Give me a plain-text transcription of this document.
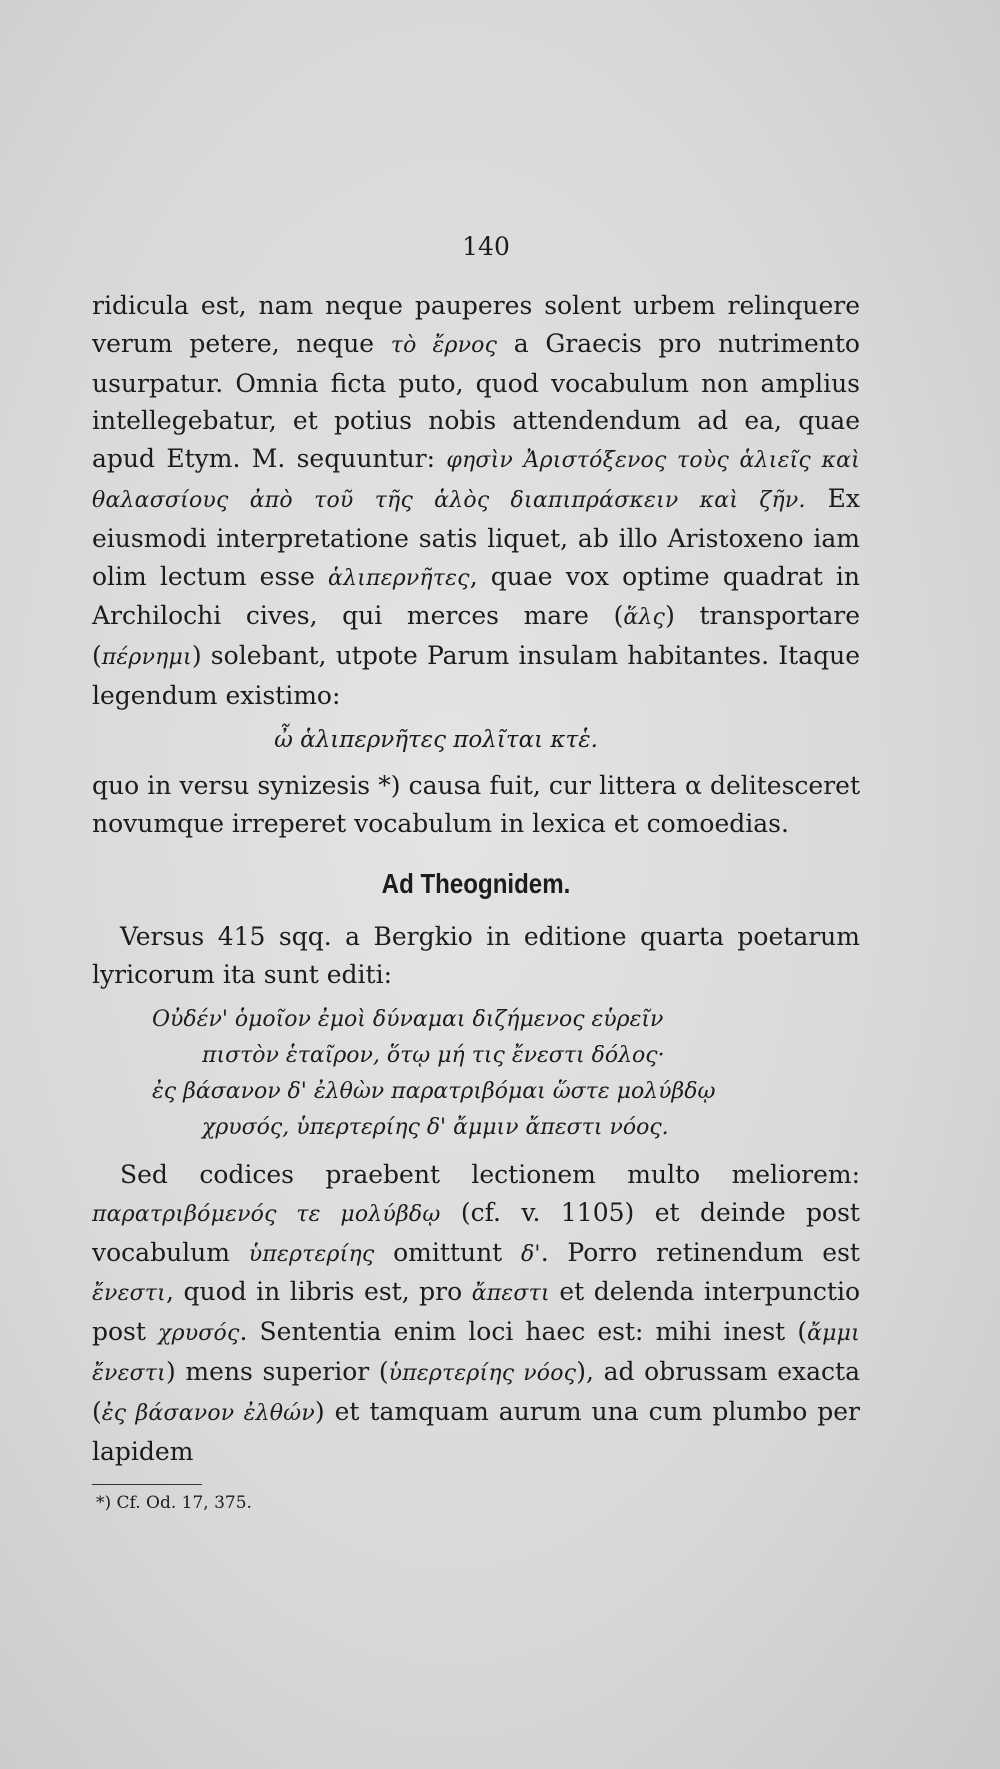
140

ridicula est, nam neque pauperes solent urbem relinquere verum petere, neque τὸ ἔρνος a Graecis pro nutrimento usurpatur. Omnia ficta puto, quod vocabulum non amplius intellegebatur, et potius nobis attendendum ad ea, quae apud Etym. M. sequuntur: φησὶν Ἀριστόξενος τοὺς ἁλιεῖς καὶ θαλασσίους ἀπὸ τοῦ τῆς ἁλὸς διαπιπράσκειν καὶ ζῆν. Ex eiusmodi interpretatione satis liquet, ab illo Aristoxeno iam olim lectum esse ἁλιπερνῆτες, quae vox optime quadrat in Archilochi cives, qui merces mare (ἅλς) transportare (πέρνημι) solebant, utpote Parum insulam habitantes. Itaque legendum existimo:

ὦ ἁλιπερνῆτες πολῖται κτἑ.

quo in versu synizesis *) causa fuit, cur littera α delitesceret novumque irreperet vocabulum in lexica et comoedias.

Ad Theognidem.

Versus 415 sqq. a Bergkio in editione quarta poetarum lyricorum ita sunt editi:

Οὐδέν' ὁμοῖον ἐμοὶ δύναμαι διζήμενος εὑρεῖν
πιστὸν ἑταῖρον, ὅτῳ μή τις ἔνεστι δόλος·
ἐς βάσανον δ' ἐλθὼν παρατριβόμαι ὥστε μολύβδῳ
χρυσός, ὑπερτερίης δ' ἄμμιν ἄπεστι νόος.

Sed codices praebent lectionem multo meliorem: παρατριβόμενός τε μολύβδῳ (cf. v. 1105) et deinde post vocabulum ὑπερτερίης omittunt δ'. Porro retinendum est ἔνεστι, quod in libris est, pro ἄπεστι et delenda interpunctio post χρυσός. Sententia enim loci haec est: mihi inest (ἄμμι ἔνεστι) mens superior (ὑπερτερίης νόος), ad obrussam exacta (ἐς βάσανον ἐλθών) et tamquam aurum una cum plumbo per lapidem

*) Cf. Od. 17, 375.
